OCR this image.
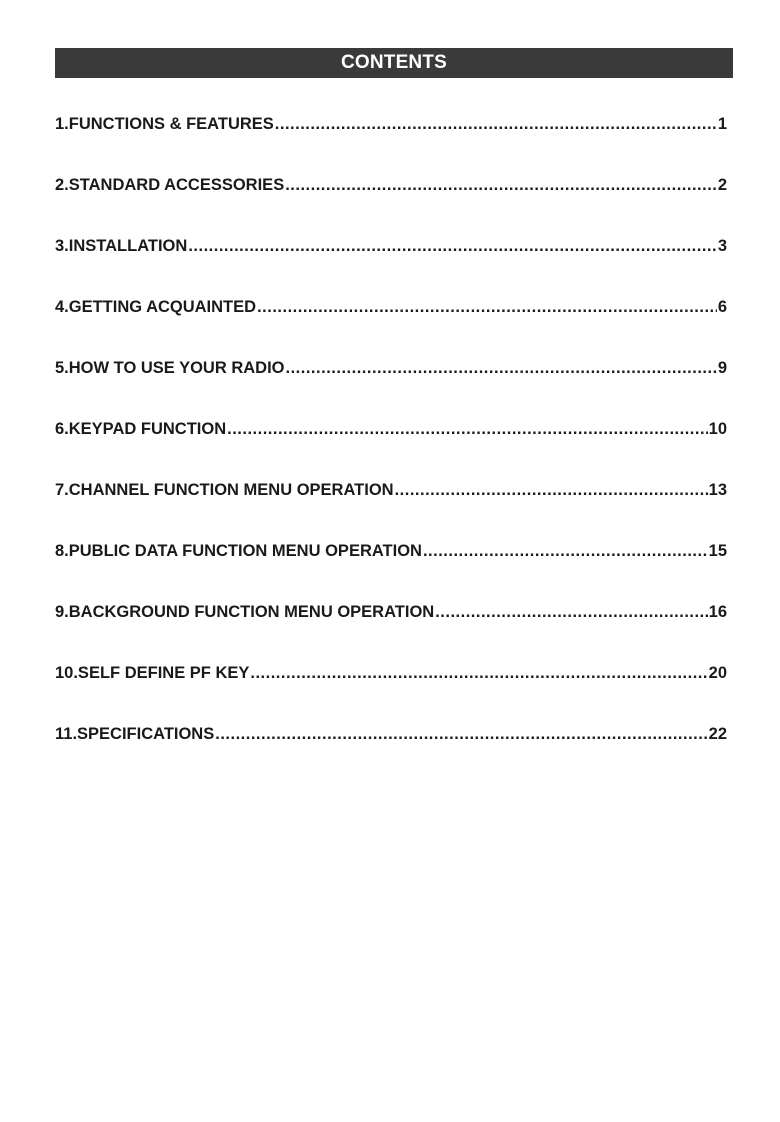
CONTENTS
1.FUNCTIONS & FEATURES .....	1
2.STANDARD ACCESSORIES .....	2
3.INSTALLATION .....	3
4.GETTING ACQUAINTED .....	6
5.HOW TO USE YOUR RADIO .....	9
6.KEYPAD FUNCTION .....	10
7.CHANNEL FUNCTION MENU OPERATION .....	13
8.PUBLIC DATA FUNCTION MENU OPERATION .....	15
9.BACKGROUND FUNCTION MENU OPERATION .....	16
10.SELF DEFINE PF KEY .....	20
11.SPECIFICATIONS .....	22
